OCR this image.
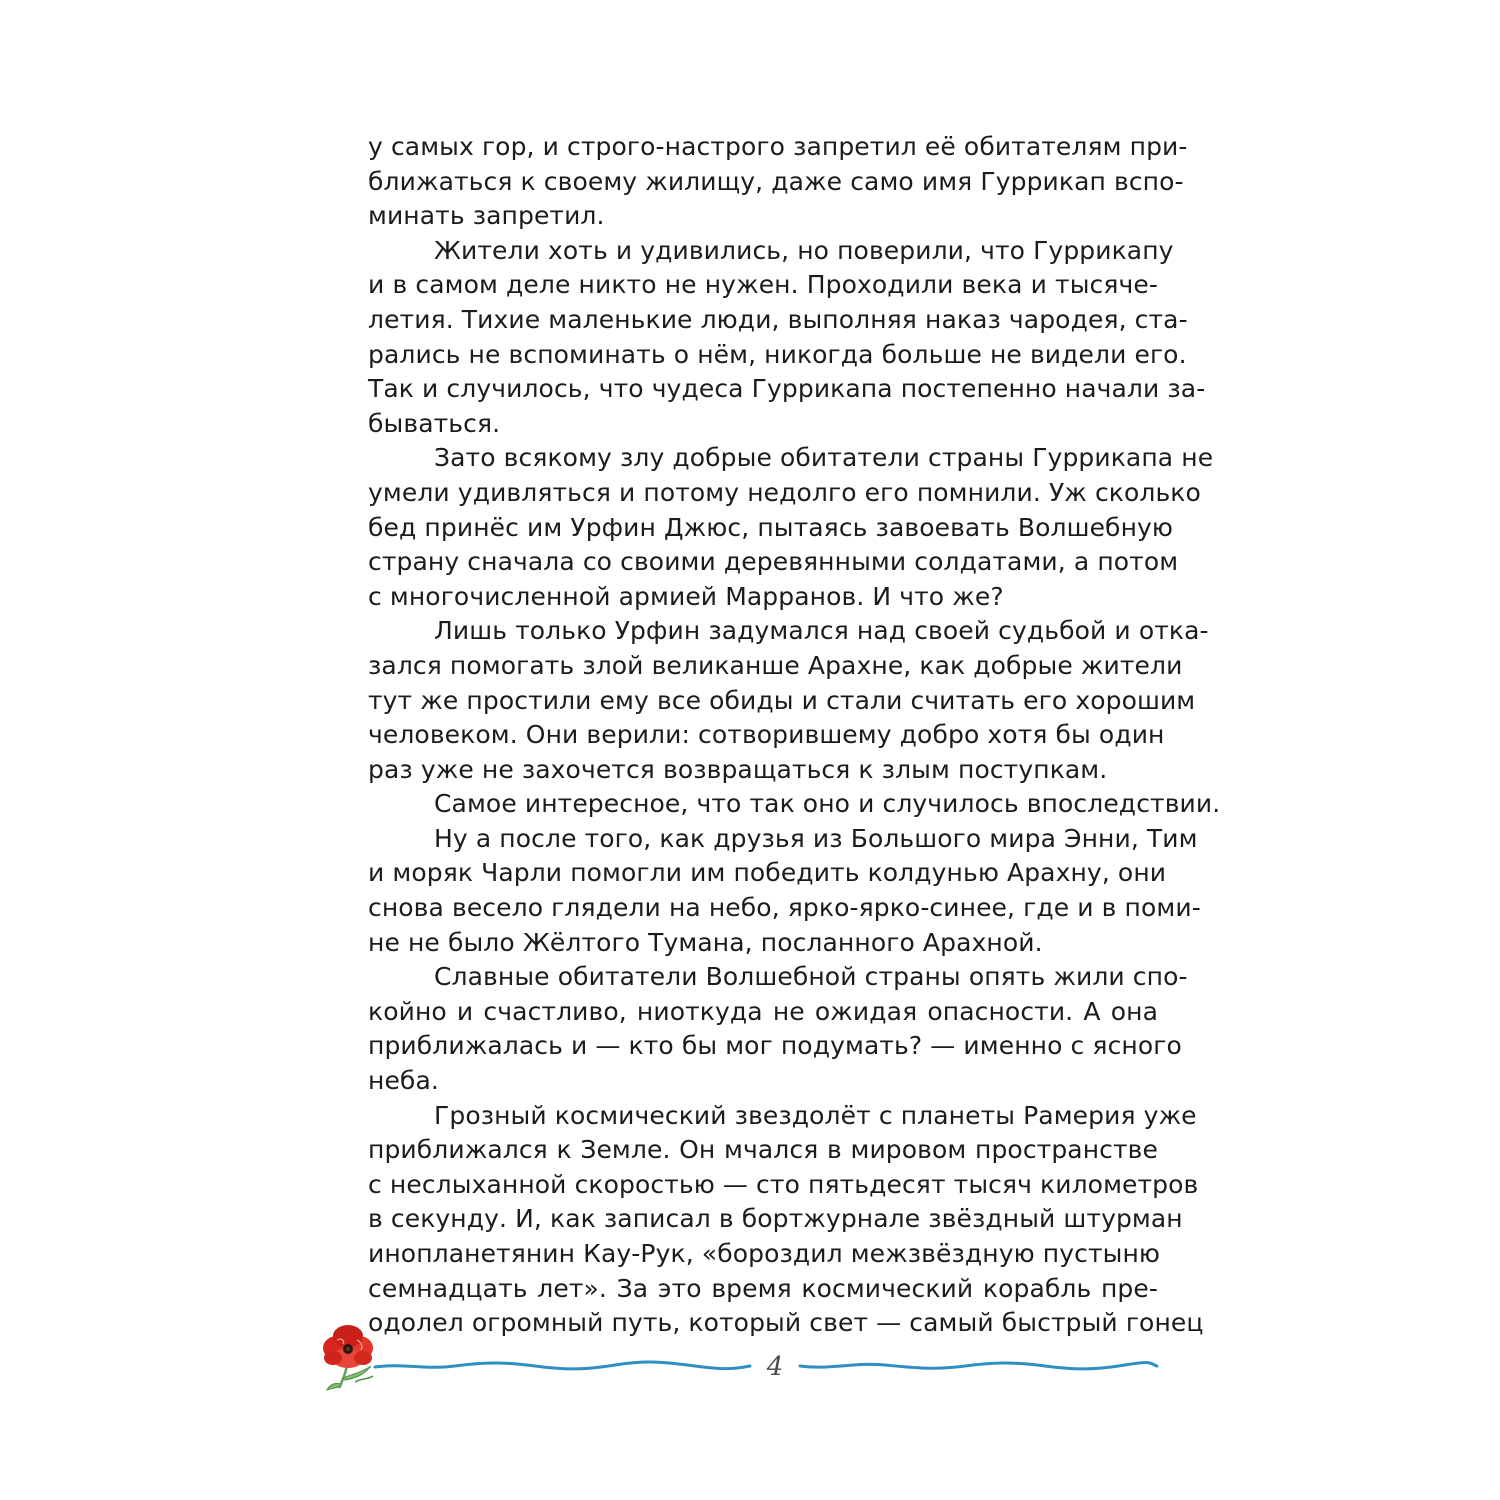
у самых гор, и строго-настрого запретил её обитателям при-
ближаться к своему жилищу, даже само имя Гуррикап вспо-
минать запретил.
Жители хоть и удивились, но поверили, что Гуррикапу
и в самом деле никто не нужен. Проходили века и тысяче-
летия. Тихие маленькие люди, выполняя наказ чародея, ста-
рались не вспоминать о нём, никогда больше не видели его.
Так и случилось, что чудеса Гуррикапа постепенно начали за-
бываться.
Зато всякому злу добрые обитатели страны Гуррикапа не
умели удивляться и потому недолго его помнили. Уж сколько
бед принёс им Урфин Джюс, пытаясь завоевать Волшебную
страну сначала со своими деревянными солдатами, а потом
с многочисленной армией Марранов. И что же?
Лишь только Урфин задумался над своей судьбой и отка-
зался помогать злой великанше Арахне, как добрые жители
тут же простили ему все обиды и стали считать его хорошим
человеком. Они верили: сотворившему добро хотя бы один
раз уже не захочется возвращаться к злым поступкам.
Самое интересное, что так оно и случилось впоследствии.
Ну а после того, как друзья из Большого мира Энни, Тим
и моряк Чарли помогли им победить колдунью Арахну, они
снова весело глядели на небо, ярко-ярко-синее, где и в поми-
не не было Жёлтого Тумана, посланного Арахной.
Славные обитатели Волшебной страны опять жили спо-
койно и счастливо, ниоткуда не ожидая опасности. А она
приближалась и — кто бы мог подумать? — именно с ясного
неба.
Грозный космический звездолёт с планеты Рамерия уже
приближался к Земле. Он мчался в мировом пространстве
с неслыханной скоростью — сто пятьдесят тысяч километров
в секунду. И, как записал в бортжурнале звёздный штурман
инопланетянин Кау-Рук, «бороздил межзвёздную пустыню
семнадцать лет». За это время космический корабль пре-
одолел огромный путь, который свет — самый быстрый гонец
4
